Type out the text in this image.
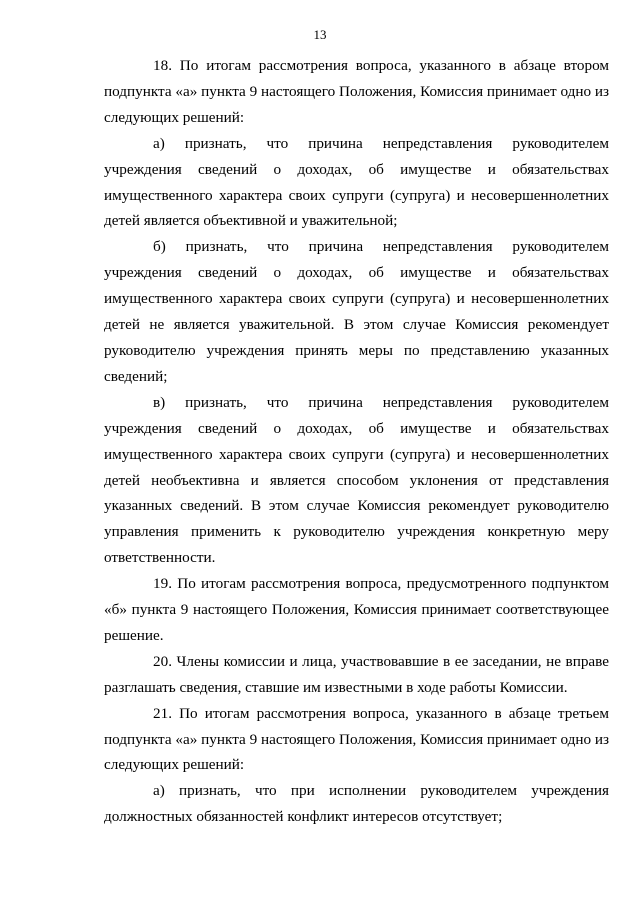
13

18. По итогам рассмотрения вопроса, указанного в абзаце втором подпункта «а» пункта 9 настоящего Положения, Комиссия принимает одно из следующих решений:

а) признать, что причина непредставления руководителем учреждения сведений о доходах, об имуществе и обязательствах имущественного характера своих супруги (супруга) и несовершеннолетних детей является объективной и уважительной;

б) признать, что причина непредставления руководителем учреждения сведений о доходах, об имуществе и обязательствах имущественного характера своих супруги (супруга) и несовершеннолетних детей не является уважительной. В этом случае Комиссия рекомендует руководителю учреждения принять меры по представлению указанных сведений;

в) признать, что причина непредставления руководителем учреждения сведений о доходах, об имуществе и обязательствах имущественного характера своих супруги (супруга) и несовершеннолетних детей необъективна и является способом уклонения от представления указанных сведений. В этом случае Комиссия рекомендует руководителю управления применить к руководителю учреждения конкретную меру ответственности.

19. По итогам рассмотрения вопроса, предусмотренного подпунктом «б» пункта 9 настоящего Положения, Комиссия принимает соответствующее решение.

20. Члены комиссии и лица, участвовавшие в ее заседании, не вправе разглашать сведения, ставшие им известными в ходе работы Комиссии.

21. По итогам рассмотрения вопроса, указанного в абзаце третьем подпункта «а» пункта 9 настоящего Положения, Комиссия принимает одно из следующих решений:

а) признать, что при исполнении руководителем учреждения должностных обязанностей конфликт интересов отсутствует;
